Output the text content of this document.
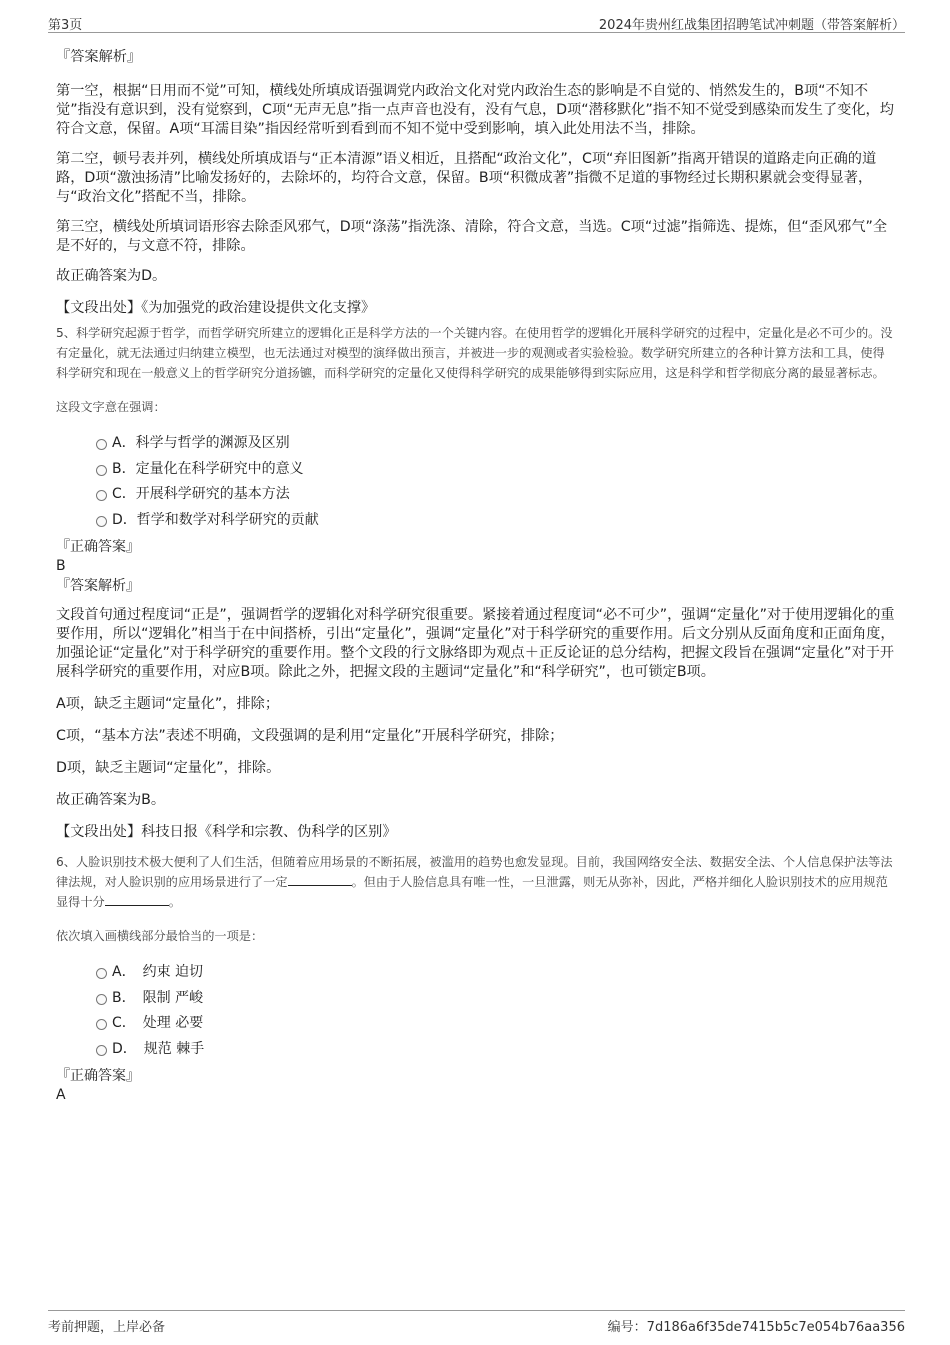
第3页	2024年贵州红战集团招聘笔试冲刺题（带答案解析）

『答案解析』

第一空，根据“日用而不觉”可知，横线处所填成语强调党内政治文化对党内政治生态的影响是不自觉的、悄然发生的，B项“不知不觉”指没有意识到，没有觉察到，C项“无声无息”指一点声音也没有，没有气息，D项“潜移默化”指不知不觉受到感染而发生了变化，均符合文意，保留。A项“耳濡目染”指因经常听到看到而不知不觉中受到影响，填入此处用法不当，排除。

第二空，顿号表并列，横线处所填成语与“正本清源”语义相近，且搭配“政治文化”，C项“弃旧图新”指离开错误的道路走向正确的道路，D项“激浊扬清”比喻发扬好的，去除坏的，均符合文意，保留。B项“积微成著”指微不足道的事物经过长期积累就会变得显著，与“政治文化”搭配不当，排除。

第三空，横线处所填词语形容去除歪风邪气，D项“涤荡”指洗涤、清除，符合文意，当选。C项“过滤”指筛选、提炼，但“歪风邪气”全是不好的，与文意不符，排除。

故正确答案为D。

【文段出处】《为加强党的政治建设提供文化支撑》

5、科学研究起源于哲学，而哲学研究所建立的逻辑化正是科学方法的一个关键内容。在使用哲学的逻辑化开展科学研究的过程中，定量化是必不可少的。没有定量化，就无法通过归纳建立模型，也无法通过对模型的演绎做出预言，并被进一步的观测或者实验检验。数学研究所建立的各种计算方法和工具，使得科学研究和现在一般意义上的哲学研究分道扬镳，而科学研究的定量化又使得科学研究的成果能够得到实际应用，这是科学和哲学彻底分离的最显著标志。

这段文字意在强调：

A．科学与哲学的渊源及区别
B．定量化在科学研究中的意义
C．开展科学研究的基本方法
D．哲学和数学对科学研究的贡献

『正确答案』

B

『答案解析』

文段首句通过程度词“正是”，强调哲学的逻辑化对科学研究很重要。紧接着通过程度词“必不可少”，强调“定量化”对于使用逻辑化的重要作用，所以“逻辑化”相当于在中间搭桥，引出“定量化”，强调“定量化”对于科学研究的重要作用。后文分别从反面角度和正面角度，加强论证“定量化”对于科学研究的重要作用。整个文段的行文脉络即为观点＋正反论证的总分结构，把握文段旨在强调“定量化”对于开展科学研究的重要作用，对应B项。除此之外，把握文段的主题词“定量化”和“科学研究”，也可锁定B项。

A项，缺乏主题词“定量化”，排除；

C项，“基本方法”表述不明确，文段强调的是利用“定量化”开展科学研究，排除；

D项，缺乏主题词“定量化”，排除。

故正确答案为B。

【文段出处】科技日报《科学和宗教、伪科学的区别》

6、人脸识别技术极大便利了人们生活，但随着应用场景的不断拓展，被滥用的趋势也愈发显现。目前，我国网络安全法、数据安全法、个人信息保护法等法律法规，对人脸识别的应用场景进行了一定	。但由于人脸信息具有唯一性，一旦泄露，则无从弥补，因此，严格并细化人脸识别技术的应用规范显得十分	。

依次填入画横线部分最恰当的一项是：

A．　约束 迫切
B．　限制 严峻
C．　处理 必要
D．　规范 棘手

『正确答案』

A

考前押题，上岸必备	编号：7d186a6f35de7415b5c7e054b76aa356
